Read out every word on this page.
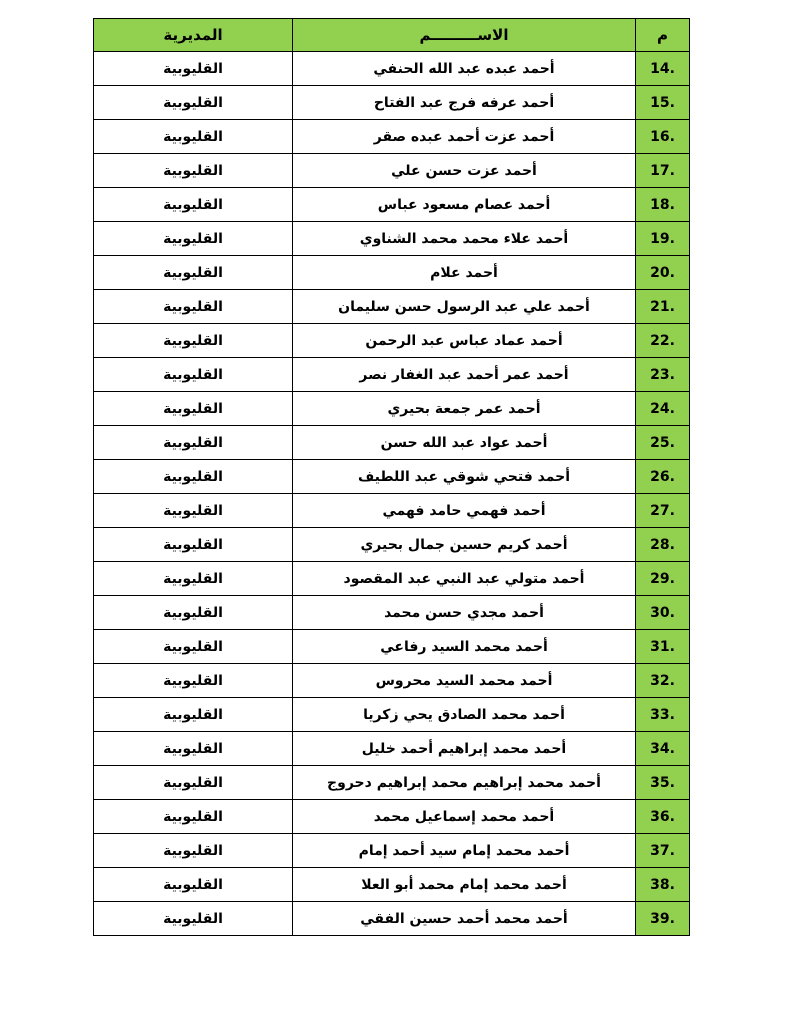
م	الاســـــــــم	المديرية
14.	أحمد عبده عبد الله الحنفي	القليوبية
15.	أحمد عرفه فرج عبد الفتاح	القليوبية
16.	أحمد عزت أحمد عبده صقر	القليوبية
17.	أحمد عزت حسن علي	القليوبية
18.	أحمد عصام مسعود عباس	القليوبية
19.	أحمد علاء محمد محمد الشناوي	القليوبية
20.	أحمد علام	القليوبية
21.	أحمد علي عبد الرسول حسن سليمان	القليوبية
22.	أحمد عماد عباس عبد الرحمن	القليوبية
23.	أحمد عمر أحمد عبد الغفار نصر	القليوبية
24.	أحمد عمر جمعة بحيري	القليوبية
25.	أحمد عواد عبد الله حسن	القليوبية
26.	أحمد فتحي شوقي عبد اللطيف	القليوبية
27.	أحمد فهمي حامد فهمي	القليوبية
28.	أحمد كريم حسين جمال بحيري	القليوبية
29.	أحمد متولي عبد النبي عبد المقصود	القليوبية
30.	أحمد مجدي حسن محمد	القليوبية
31.	أحمد محمد السيد رفاعي	القليوبية
32.	أحمد محمد السيد محروس	القليوبية
33.	أحمد محمد الصادق يحي زكريا	القليوبية
34.	أحمد محمد إبراهيم أحمد خليل	القليوبية
35.	أحمد محمد إبراهيم محمد إبراهيم دحروج	القليوبية
36.	أحمد محمد إسماعيل محمد	القليوبية
37.	أحمد محمد إمام سيد أحمد إمام	القليوبية
38.	أحمد محمد إمام محمد أبو العلا	القليوبية
39.	أحمد محمد أحمد حسين الفقي	القليوبية
